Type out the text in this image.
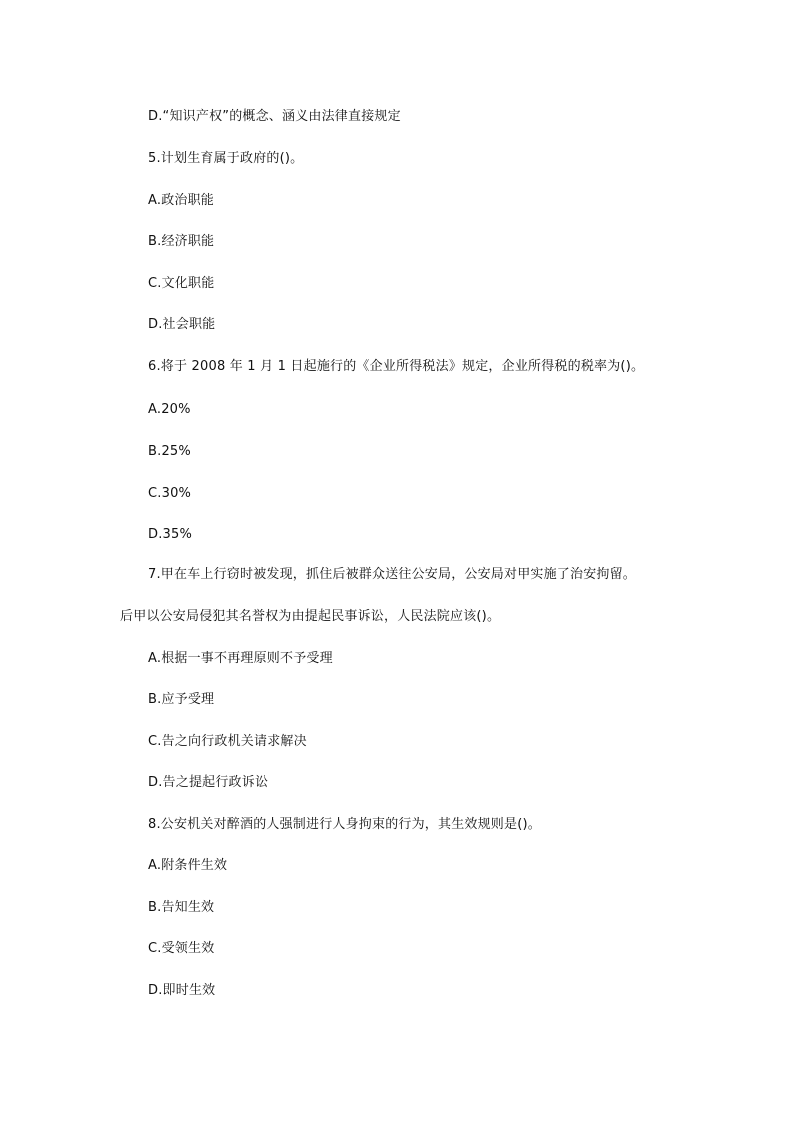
D.“知识产权”的概念、涵义由法律直接规定
5.计划生育属于政府的()。
A.政治职能
B.经济职能
C.文化职能
D.社会职能
6.将于 2008 年 1 月 1 日起施行的《企业所得税法》规定，企业所得税的税率为()。
A.20%
B.25%
C.30%
D.35%
7.甲在车上行窃时被发现，抓住后被群众送往公安局，公安局对甲实施了治安拘留。
后甲以公安局侵犯其名誉权为由提起民事诉讼，人民法院应该()。
A.根据一事不再理原则不予受理
B.应予受理
C.告之向行政机关请求解决
D.告之提起行政诉讼
8.公安机关对醉酒的人强制进行人身拘束的行为，其生效规则是()。
A.附条件生效
B.告知生效
C.受领生效
D.即时生效
